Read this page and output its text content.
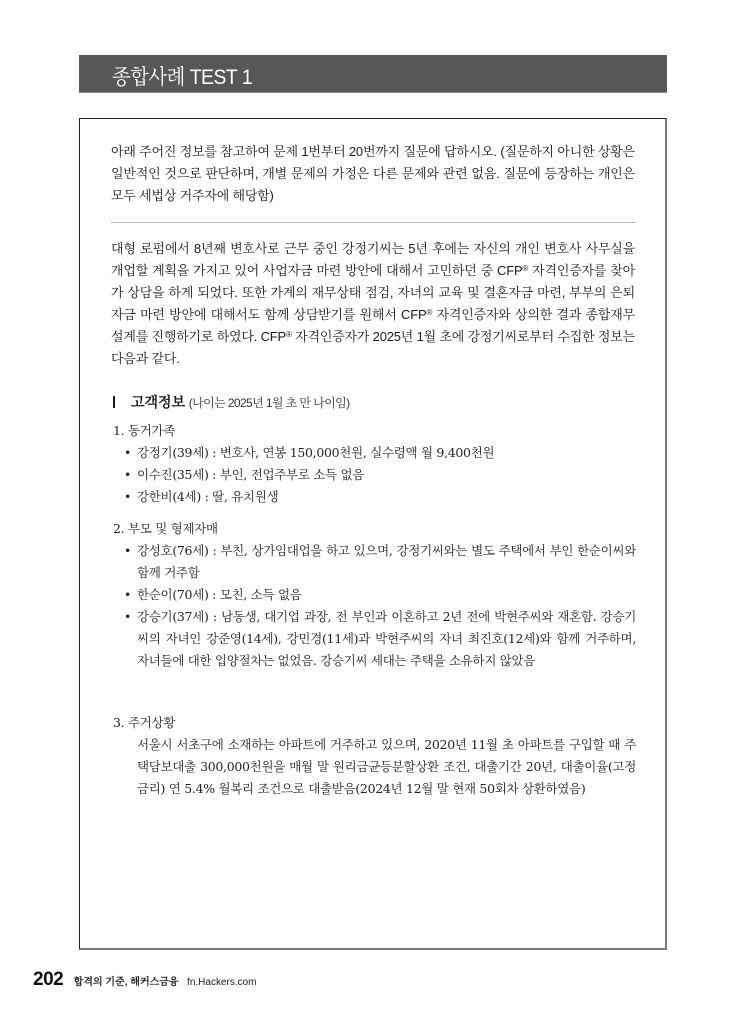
종합사례 TEST 1

아래 주어진 정보를 참고하여 문제 1번부터 20번까지 질문에 답하시오. (질문하지 아니한 상황은 일반적인 것으로 판단하며, 개별 문제의 가정은 다른 문제와 관련 없음. 질문에 등장하는 개인은 모두 세법상 거주자에 해당함)

대형 로펌에서 8년째 변호사로 근무 중인 강정기씨는 5년 후에는 자신의 개인 변호사 사무실을 개업할 계획을 가지고 있어 사업자금 마련 방안에 대해서 고민하던 중 CFP® 자격인증자를 찾아가 상담을 하게 되었다. 또한 가계의 재무상태 점검, 자녀의 교육 및 결혼자금 마련, 부부의 은퇴자금 마련 방안에 대해서도 함께 상담받기를 원해서 CFP® 자격인증자와 상의한 결과 종합재무설계를 진행하기로 하였다. CFP® 자격인증자가 2025년 1월 초에 강정기씨로부터 수집한 정보는 다음과 같다.

고객정보 (나이는 2025년 1월 초 만 나이임)
1. 동거가족
• 강정기(39세) : 변호사, 연봉 150,000천원, 실수령액 월 9,400천원
• 이수진(35세) : 부인, 전업주부로 소득 없음
• 강한비(4세) : 딸, 유치원생
2. 부모 및 형제자매
• 강성호(76세) : 부친, 상가임대업을 하고 있으며, 강정기씨와는 별도 주택에서 부인 한순이씨와 함께 거주함
• 한순이(70세) : 모친, 소득 없음
• 강승기(37세) : 남동생, 대기업 과장, 전 부인과 이혼하고 2년 전에 박현주씨와 재혼함. 강승기씨의 자녀인 강준영(14세), 강민경(11세)과 박현주씨의 자녀 최진호(12세)와 함께 거주하며, 자녀들에 대한 입양절차는 없었음. 강승기씨 세대는 주택을 소유하지 않았음
3. 주거상황

서울시 서초구에 소재하는 아파트에 거주하고 있으며, 2020년 11월 초 아파트를 구입할 때 주택담보대출 300,000천원을 매월 말 원리금균등분할상환 조건, 대출기간 20년, 대출이율(고정금리) 연 5.4% 월복리 조건으로 대출받음(2024년 12월 말 현재 50회차 상환하였음)

202 합격의 기준, 해커스금융 fn.Hackers.com
